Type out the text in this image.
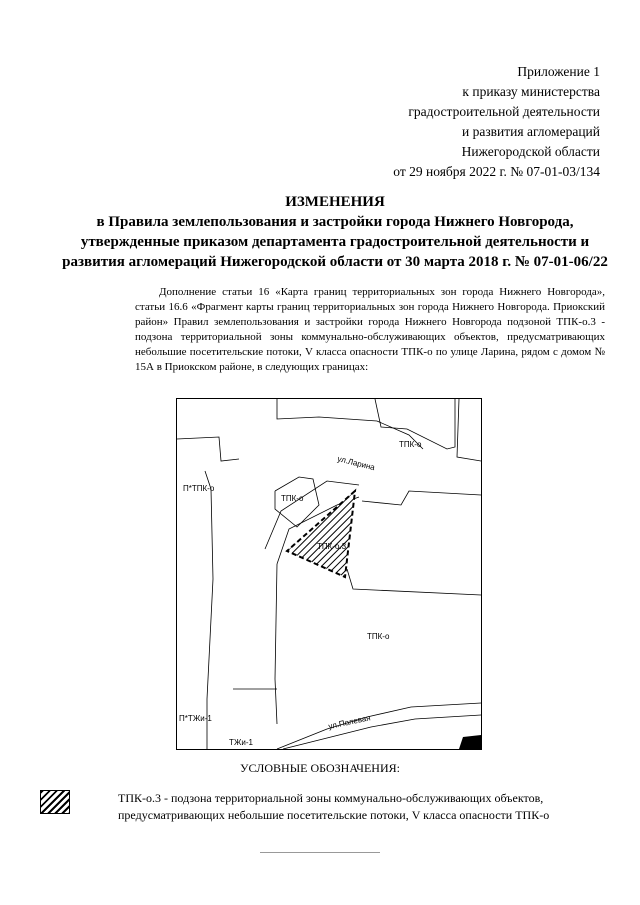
Приложение 1
к приказу министерства
градостроительной деятельности
и развития агломераций
Нижегородской области
от 29 ноября 2022 г. № 07-01-03/134
ИЗМЕНЕНИЯ
в Правила землепользования и застройки города Нижнего Новгорода,
утвержденные приказом департамента градостроительной деятельности и
развития агломераций Нижегородской области от 30 марта 2018 г. № 07-01-06/22
Дополнение статьи 16 «Карта границ территориальных зон города Нижнего Новгорода», статьи 16.6 «Фрагмент карты границ территориальных зон города Нижнего Новгорода. Приокский район» Правил землепользования и застройки города Нижнего Новгорода подзоной ТПК-о.3 - подзона территориальной зоны коммунально-обслуживающих объектов, предусматривающих небольшие посетительские потоки, V класса опасности ТПК-о по улице Ларина, рядом с домом № 15А в Приокском районе, в следующих границах:
ТПК-о
ул.Ларина
П*ТПК-о
ТПК-о
ТПК-о.3
ТПК-о
П*ТЖи-1	ул.Полевая
ТЖи-1
УСЛОВНЫЕ ОБОЗНАЧЕНИЯ:
ТПК-о.3 - подзона территориальной зоны коммунально-обслуживающих объектов, предусматривающих небольшие посетительские потоки, V класса опасности ТПК-о
